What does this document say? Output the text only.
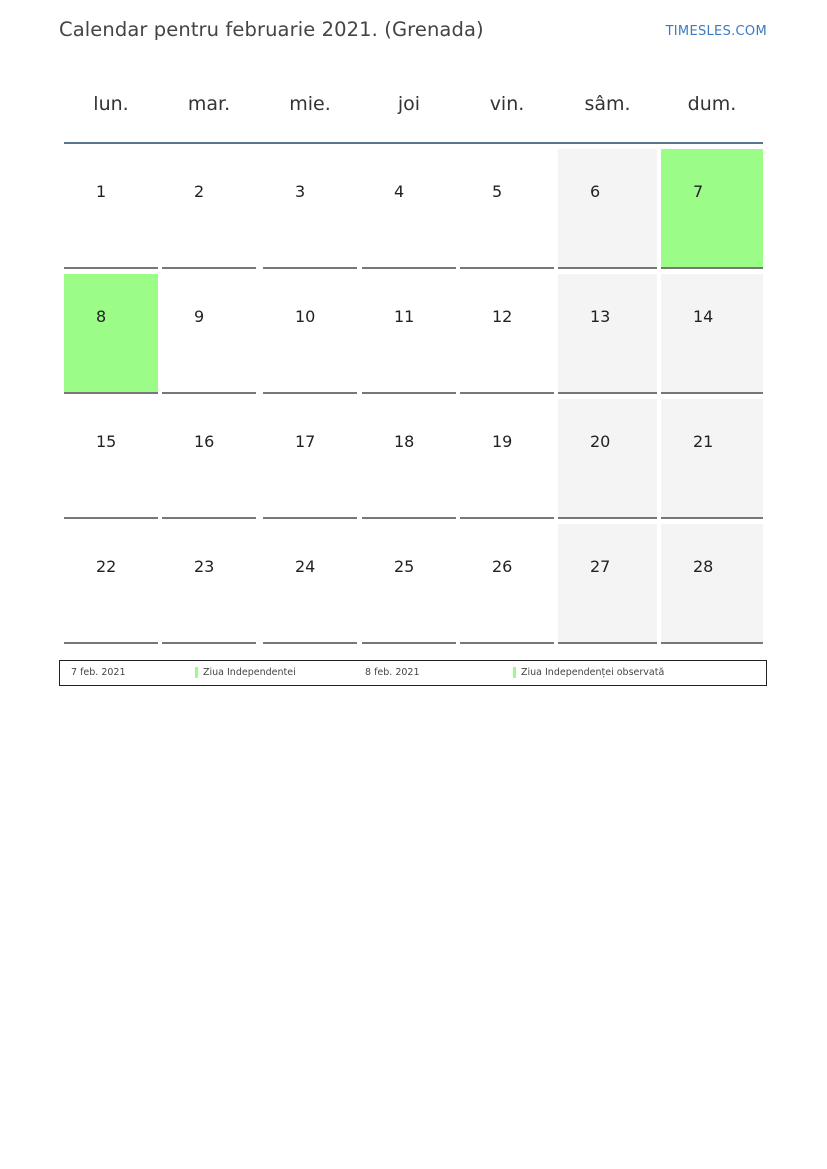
Calendar pentru februarie 2021. (Grenada)	TIMESLES.COM
lun.	mar.	mie.	joi	vin.	sâm.	dum.
1	2	3	4	5	6	7
8	9	10	11	12	13	14
15	16	17	18	19	20	21
22	23	24	25	26	27	28
7 feb. 2021	Ziua Independentei	8 feb. 2021	Ziua Independenței observată
